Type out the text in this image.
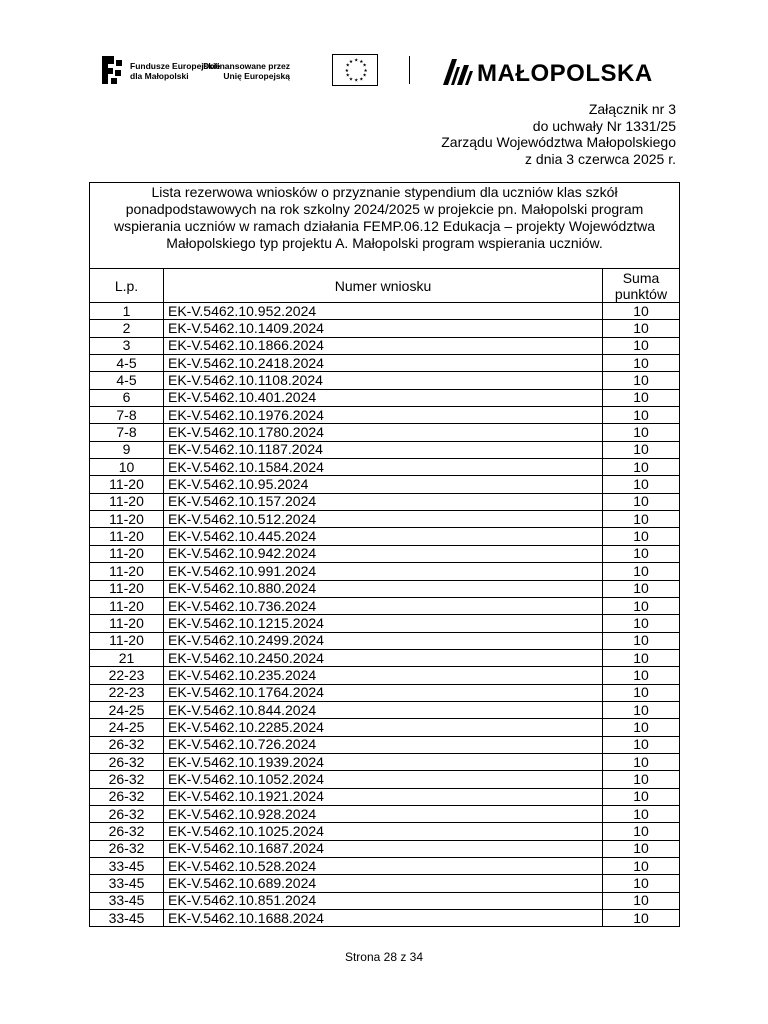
Fundusze Europejskie
dla Małopolski
Dofinansowane przez
Unię Europejską
★ ★
★
★
★
★
★
★
★
★
★
★	MAŁOPOLSKA
Załącznik nr 3
do uchwały Nr 1331/25
Zarządu Województwa Małopolskiego
z dnia 3 czerwca 2025 r.
Lista rezerwowa wniosków o przyznanie stypendium dla uczniów klas szkół ponadpodstawowych na rok szkolny 2024/2025 w projekcie pn. Małopolski program wspierania uczniów w ramach działania FEMP.06.12 Edukacja – projekty Województwa Małopolskiego typ projektu A. Małopolski program wspierania uczniów.		
L.p.	Numer wniosku	Suma
punktów

1	EK-V.5462.10.952.2024	10
2	EK-V.5462.10.1409.2024	10
3	EK-V.5462.10.1866.2024	10
4-5	EK-V.5462.10.2418.2024	10
4-5	EK-V.5462.10.1108.2024	10
6	EK-V.5462.10.401.2024	10
7-8	EK-V.5462.10.1976.2024	10
7-8	EK-V.5462.10.1780.2024	10
9	EK-V.5462.10.1187.2024	10
10	EK-V.5462.10.1584.2024	10
11-20	EK-V.5462.10.95.2024	10
11-20	EK-V.5462.10.157.2024	10
11-20	EK-V.5462.10.512.2024	10
11-20	EK-V.5462.10.445.2024	10
11-20	EK-V.5462.10.942.2024	10
11-20	EK-V.5462.10.991.2024	10
11-20	EK-V.5462.10.880.2024	10
11-20	EK-V.5462.10.736.2024	10
11-20	EK-V.5462.10.1215.2024	10
11-20	EK-V.5462.10.2499.2024	10
21	EK-V.5462.10.2450.2024	10
22-23	EK-V.5462.10.235.2024	10
22-23	EK-V.5462.10.1764.2024	10
24-25	EK-V.5462.10.844.2024	10
24-25	EK-V.5462.10.2285.2024	10
26-32	EK-V.5462.10.726.2024	10
26-32	EK-V.5462.10.1939.2024	10
26-32	EK-V.5462.10.1052.2024	10
26-32	EK-V.5462.10.1921.2024	10
26-32	EK-V.5462.10.928.2024	10
26-32	EK-V.5462.10.1025.2024	10
26-32	EK-V.5462.10.1687.2024	10
33-45	EK-V.5462.10.528.2024	10
33-45	EK-V.5462.10.689.2024	10
33-45	EK-V.5462.10.851.2024	10
33-45	EK-V.5462.10.1688.2024	10
Strona 28 z 34
